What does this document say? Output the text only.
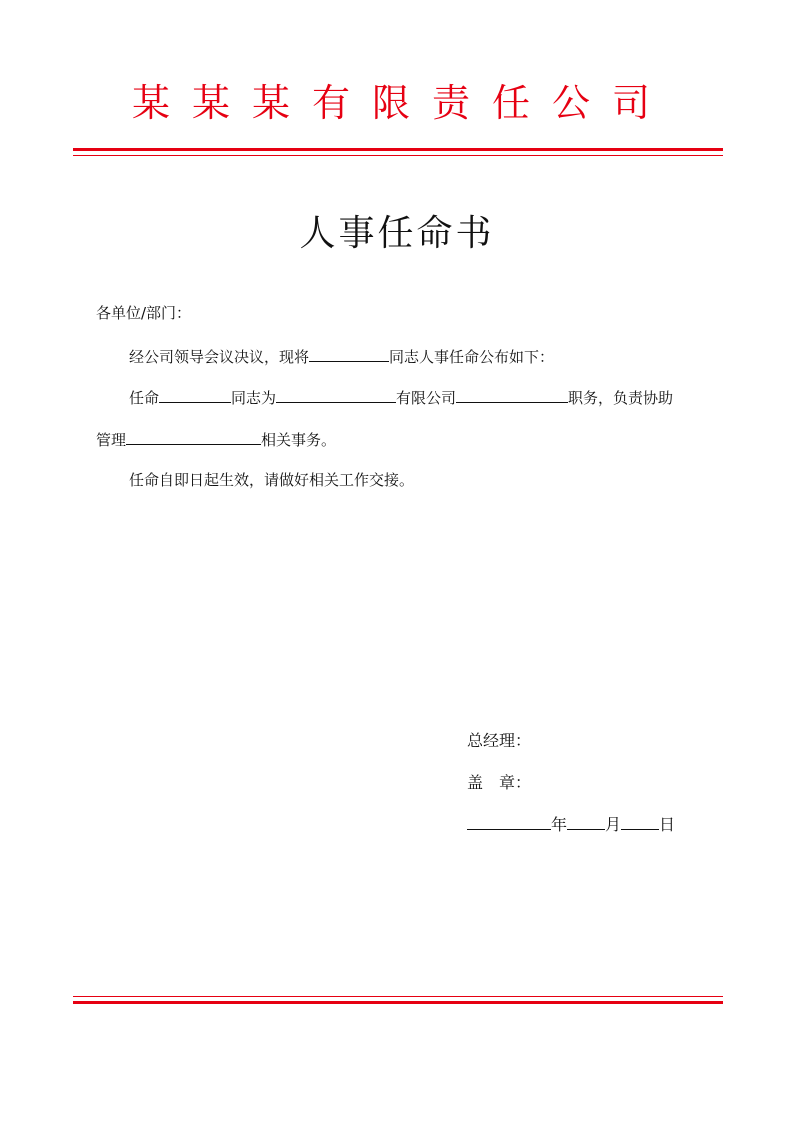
某某某有限责任公司
人事任命书
各单位/部门：
经公司领导会议决议，现将	同志人事任命公布如下：
任命	同志为	有限公司	职务，负责协助
管理	相关事务。
任命自即日起生效，请做好相关工作交接。
总经理：
盖　章：
年 月 日
